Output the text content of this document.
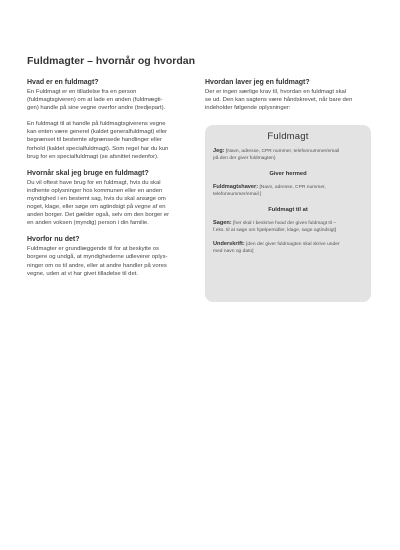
Fuldmagter – hvornår og hvordan
Hvad er en fuldmagt?

En Fuldmagt er en tilladelse fra en person
(fuldmagtsgiveren) om at lade en anden (fuldmægti-
gen) handle på sine vegne overfor andre (tredjepart).

En fuldmagt til at handle på fuldmagtsgiverens vegne
kan enten være generel (kaldet generalfuldmagt) eller
begrænset til bestemte afgrænsede handlinger eller
forhold (kaldet specialfuldmagt). Som regel har du kun
brug for en specialfuldmagt (se afsnittet nedenfor).

Hvornår skal jeg bruge en fuldmagt?

Du vil oftest have brug for en fuldmagt, hvis du skal
indhente oplysninger hos kommunen eller en anden
myndighed i en bestemt sag, hvis du skal ansøge om
noget, klage, eller søge om agtindsigt på vegne af en
anden borger. Det gælder også, selv om den borger er
en anden voksen (myndig) person i din familie.

Hvorfor nu det?

Fuldmagter er grundlæggende til for at beskytte os
borgere og undgå, at myndighederne udleverer oplys-
ninger om os til andre, eller at andre handler på vores
vegne, uden at vi har givet tilladelse til det.

Hvordan laver jeg en fuldmagt?

Der er ingen særlige krav til, hvordan en fuldmagt skal
se ud. Den kan sagtens være håndskrevet, når bare den
indeholder følgende oplysninger:

Fuldmagt

Jeg: [Navn, adresse, CPR nummer, telefonnummer/email
på den der giver fuldmagten)

Giver hermed

Fuldmagtshaver: [Navn, adresse, CPR nummer,
telefonnummer/email ]

Fuldmagt til at

Sagen: [her skal I beskrive hvad der gives fuldmagt til –
f.eks. til at søge om hjælpemidler, klage, søge agtindsigt]

Underskrift: [den der giver fuldmagten skal skrive under
med navn og dato]
